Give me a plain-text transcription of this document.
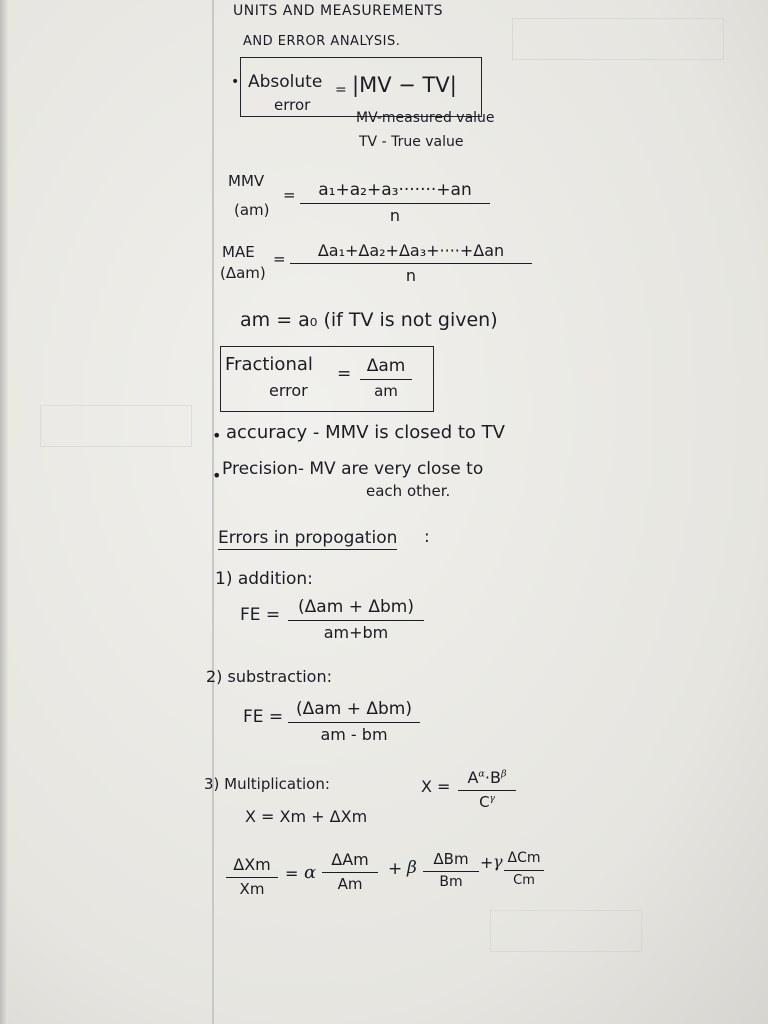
UNITS AND MEASUREMENTS
AND ERROR ANALYSIS.
• Absolute
error
= |MV − TV|
MV-measured value
TV - True value
MMV
(am)
= a₁+a₂+a₃·······+an
n
MAE
(Δam)
= Δa₁+Δa₂+Δa₃+····+Δan
n
am = a₀ (if TV is not given)
Fractional
error
= Δam
am
• accuracy - MMV is closed to TV
• Precision- MV are very close to
each other.
Errors in propogation :
1) addition:
FE = (Δam + Δbm)
am+bm
2) substraction:
FE = (Δam + Δbm)
am - bm
3) Multiplication:	$X = A^\alpha\cdot B^\beta$
$C^\gamma$
X = Xm + ΔXm
ΔXm
Xm
= α
ΔAm
Am
+ β ΔBm
Bm
+ γ ΔCm
Cm
